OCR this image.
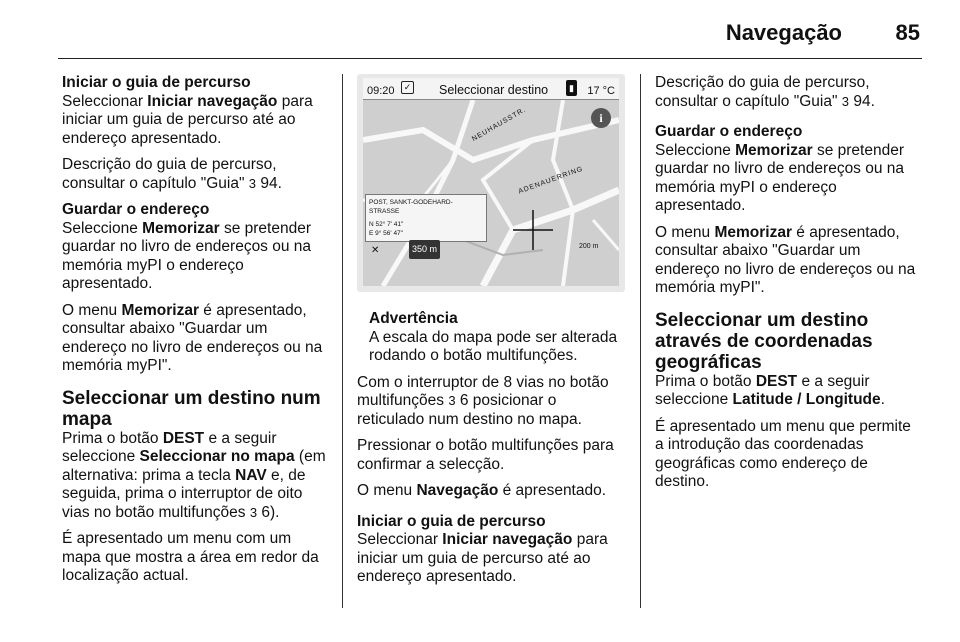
Navegação 85
Iniciar o guia de percurso

Seleccionar Iniciar navegação para iniciar um guia de percurso até ao endereço apresentado.

Descrição do guia de percurso, consultar o capítulo "Guia" 3 94.

Guardar o endereço

Seleccione Memorizar se pretender guardar no livro de endereços ou na memória myPI o endereço apresentado.

O menu Memorizar é apresentado, consultar abaixo "Guardar um endereço no livro de endereços ou na memória myPI".

Seleccionar um destino num mapa

Prima o botão DEST e a seguir seleccione Seleccionar no mapa (em alternativa: prima a tecla NAV e, de seguida, prima o interruptor de oito vias no botão multifunções 3 6).

É apresentado um menu com um mapa que mostra a área em redor da localização actual.

09:20	✓ Seleccionar destino	▮ 17 °C
NEUHAUSSTR.
ADENAUERRING
i
POST, SANKT-GODEHARD-STRASSE
N 52° 7' 41"
E 9° 56' 47"
✕	350 m	200 m
Advertência
A escala do mapa pode ser alterada rodando o botão multifunções.

Com o interruptor de 8 vias no botão multifunções 3 6 posicionar o reticulado num destino no mapa.

Pressionar o botão multifunções para confirmar a selecção.

O menu Navegação é apresentado.

Iniciar o guia de percurso

Seleccionar Iniciar navegação para iniciar um guia de percurso até ao endereço apresentado.

Descrição do guia de percurso, consultar o capítulo "Guia" 3 94.

Guardar o endereço

Seleccione Memorizar se pretender guardar no livro de endereços ou na memória myPI o endereço apresentado.

O menu Memorizar é apresentado, consultar abaixo "Guardar um endereço no livro de endereços ou na memória myPI".

Seleccionar um destino através de coordenadas geográficas

Prima o botão DEST e a seguir seleccione Latitude / Longitude.

É apresentado um menu que permite a introdução das coordenadas geográficas como endereço de destino.
